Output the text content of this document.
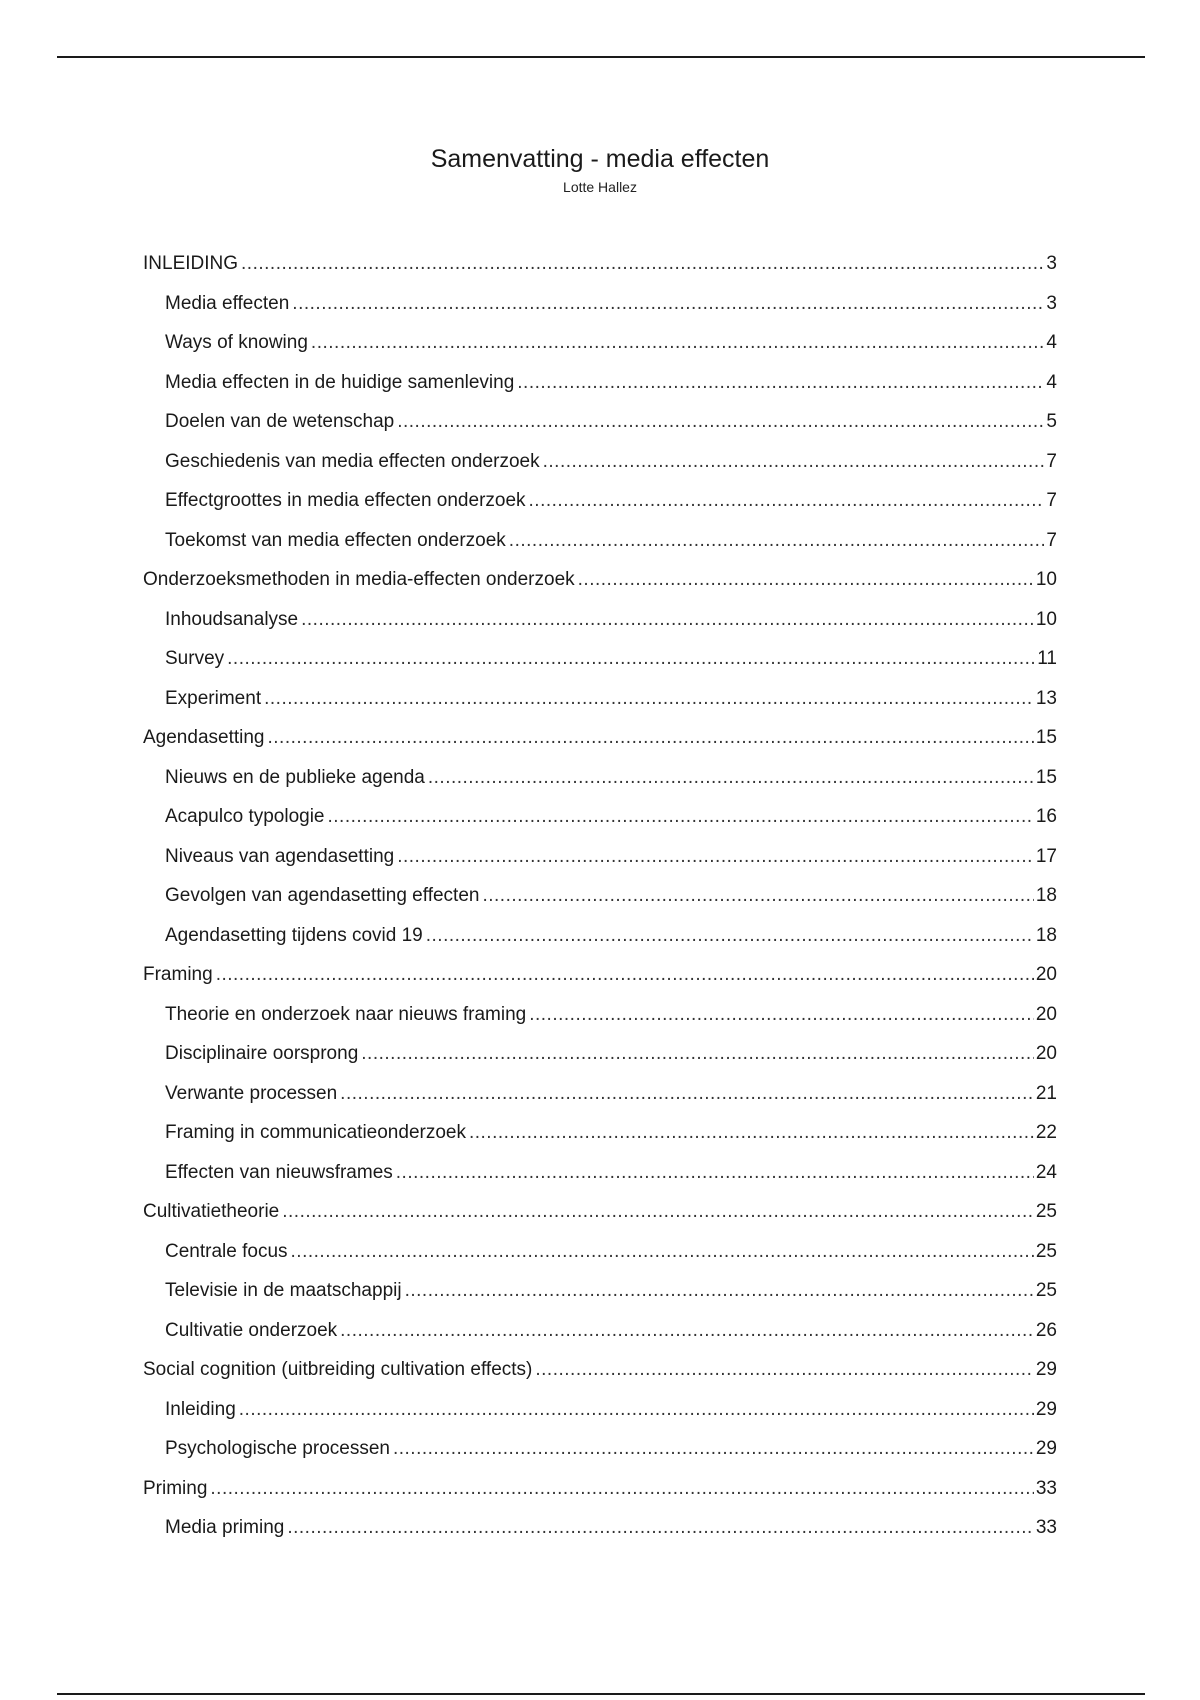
Samenvatting - media effecten
Lotte Hallez
INLEIDING .....	3
Media effecten .....	3
Ways of knowing .....	4
Media effecten in de huidige samenleving .....	4
Doelen van de wetenschap .....	5
Geschiedenis van media effecten onderzoek .....	7
Effectgroottes in media effecten onderzoek .....	7
Toekomst van media effecten onderzoek .....	7
Onderzoeksmethoden in media-effecten onderzoek .....	10
Inhoudsanalyse .....	10
Survey .....	11
Experiment .....	13
Agendasetting .....	15
Nieuws en de publieke agenda .....	15
Acapulco typologie .....	16
Niveaus van agendasetting .....	17
Gevolgen van agendasetting effecten .....	18
Agendasetting tijdens covid 19 .....	18
Framing .....	20
Theorie en onderzoek naar nieuws framing .....	20
Disciplinaire oorsprong .....	20
Verwante processen .....	21
Framing in communicatieonderzoek .....	22
Effecten van nieuwsframes .....	24
Cultivatietheorie .....	25
Centrale focus .....	25
Televisie in de maatschappij .....	25
Cultivatie onderzoek .....	26
Social cognition (uitbreiding cultivation effects) .....	29
Inleiding .....	29
Psychologische processen .....	29
Priming .....	33
Media priming .....	33
